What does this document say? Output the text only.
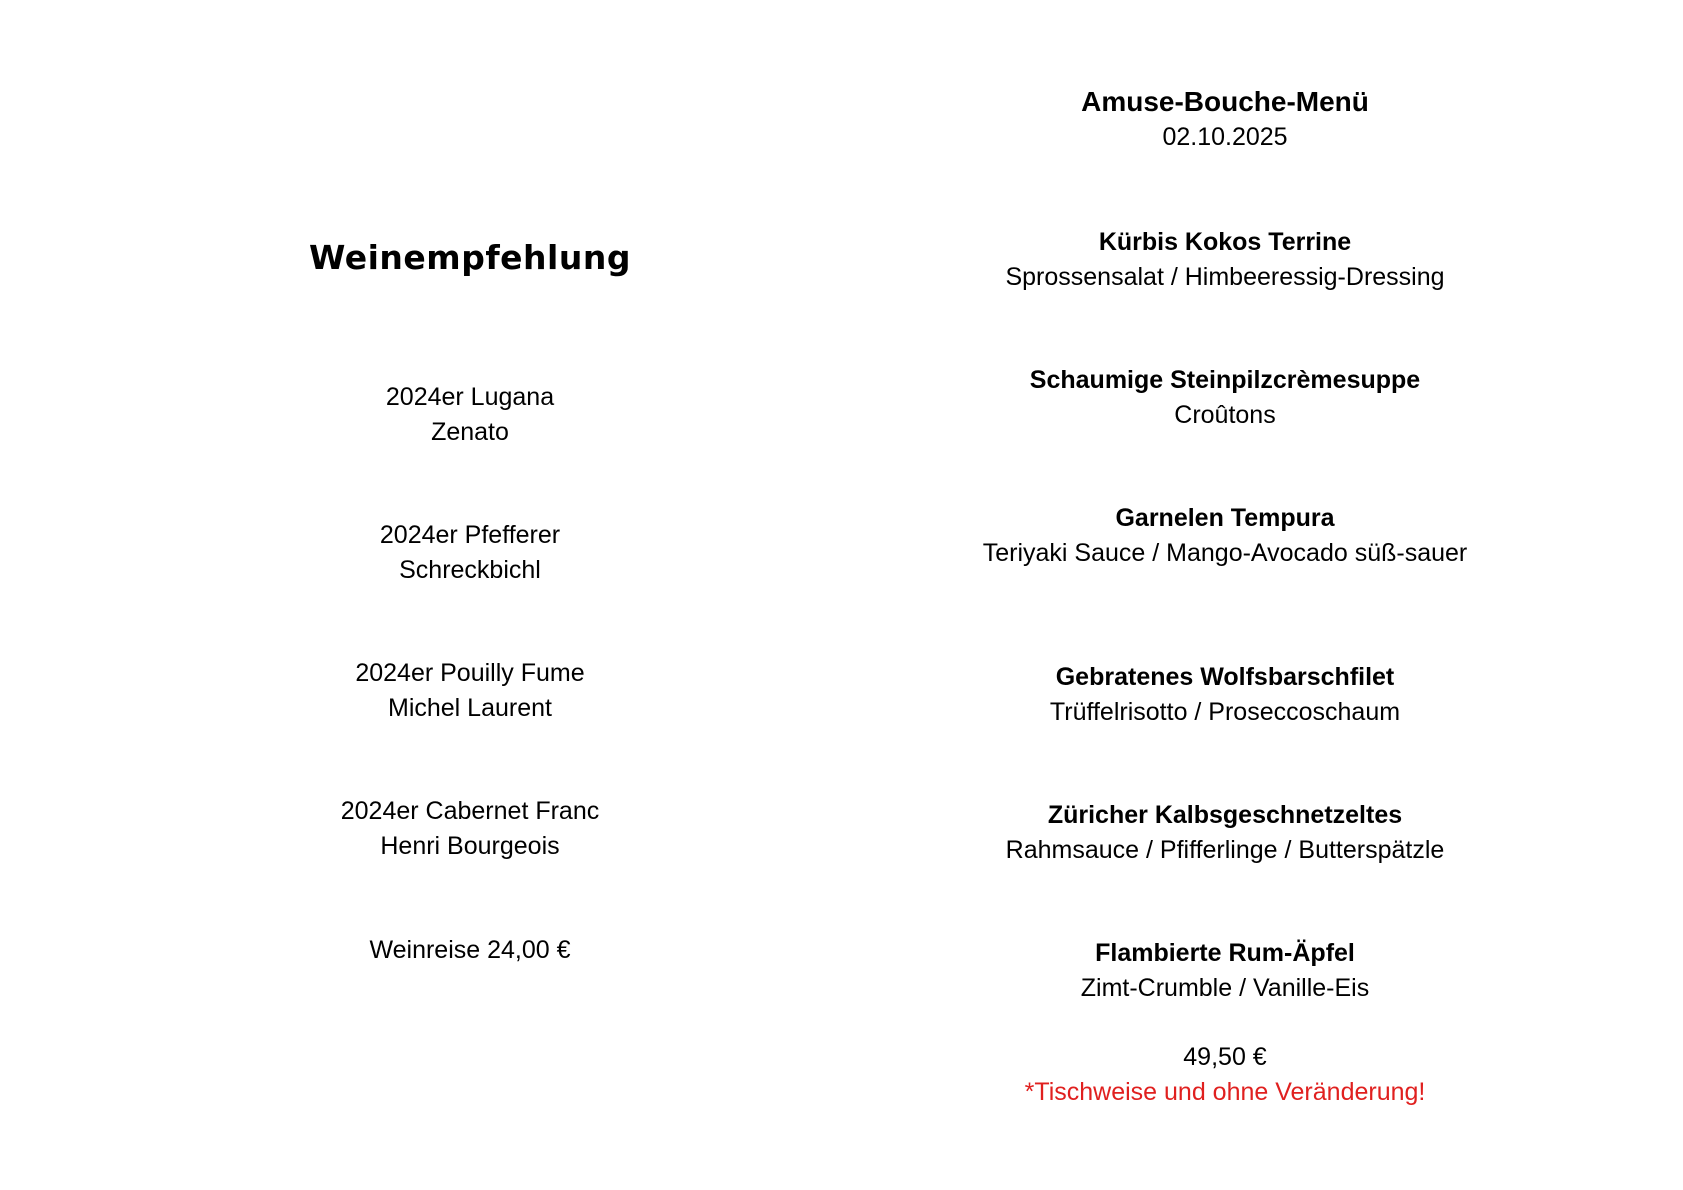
Weinempfehlung
2024er Lugana
Zenato
2024er Pfefferer
Schreckbichl
2024er Pouilly Fume
Michel Laurent
2024er Cabernet Franc
Henri Bourgeois
Weinreise 24,00 €
Amuse-Bouche-Menü
02.10.2025
Kürbis Kokos Terrine
Sprossensalat / Himbeeressig-Dressing
Schaumige Steinpilzcrèmesuppe
Croûtons
Garnelen Tempura
Teriyaki Sauce / Mango-Avocado süß-sauer
Gebratenes Wolfsbarschfilet
Trüffelrisotto / Proseccoschaum
Züricher Kalbsgeschnetzeltes
Rahmsauce / Pfifferlinge / Butterspätzle
Flambierte Rum-Äpfel
Zimt-Crumble / Vanille-Eis
49,50 €
*Tischweise und ohne Veränderung!
